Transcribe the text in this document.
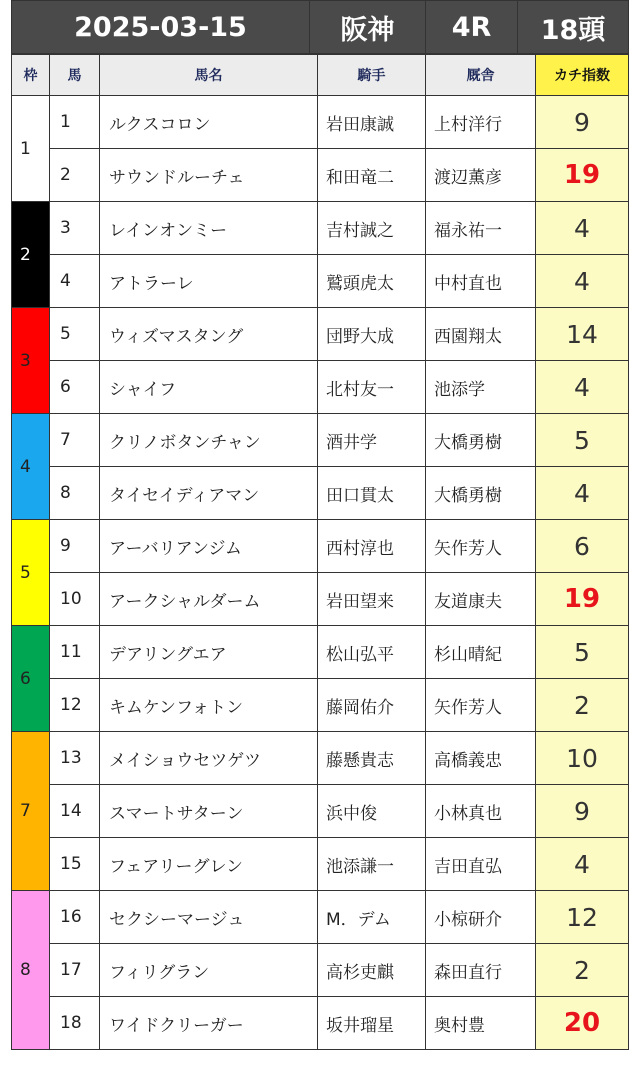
2025-03-15	阪神	4R	18頭
枠	馬	馬名	騎手	厩舎	カチ指数
1	1	ルクスコロン	岩田康誠	上村洋行	9
	2	サウンドルーチェ	和田竜二	渡辺薫彦	19
2	3	レインオンミー	吉村誠之	福永祐一	4
	4	アトラーレ	鷲頭虎太	中村直也	4
3	5	ウィズマスタング	団野大成	西園翔太	14
	6	シャイフ	北村友一	池添学	4
4	7	クリノボタンチャン	酒井学	大橋勇樹	5
	8	タイセイディアマン	田口貫太	大橋勇樹	4
5	9	アーバリアンジム	西村淳也	矢作芳人	6
	10	アークシャルダーム	岩田望来	友道康夫	19
6	11	デアリングエア	松山弘平	杉山晴紀	5
	12	キムケンフォトン	藤岡佑介	矢作芳人	2
7	13	メイショウセツゲツ	藤懸貴志	高橋義忠	10
	14	スマートサターン	浜中俊	小林真也	9
	15	フェアリーグレン	池添謙一	吉田直弘	4
8	16	セクシーマージュ	M．デム	小椋研介	12
	17	フィリグラン	高杉吏麒	森田直行	2
	18	ワイドクリーガー	坂井瑠星	奥村豊	20
